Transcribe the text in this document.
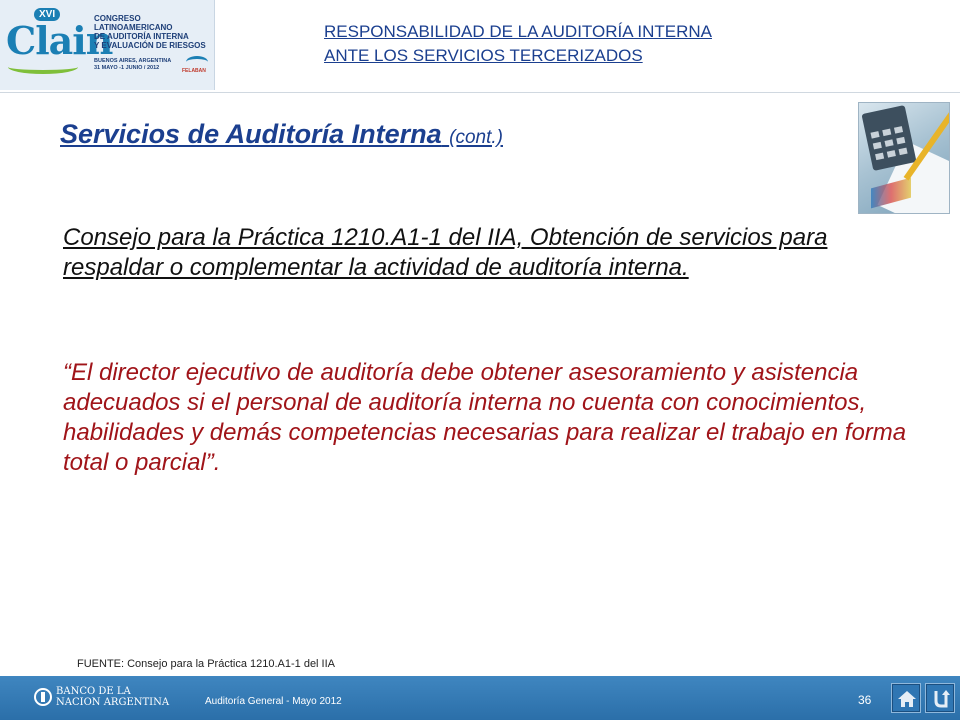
XVI
Clain
CONGRESO
LATINOAMERICANO
DE AUDITORÍA INTERNA
Y EVALUACIÓN DE RIESGOS
BUENOS AIRES, ARGENTINA
31 MAYO -1 JUNIO / 2012	FELABAN
RESPONSABILIDAD DE LA AUDITORÍA INTERNA
ANTE LOS SERVICIOS TERCERIZADOS
Servicios de Auditoría Interna (cont.)
Consejo para la Práctica 1210.A1-1 del IIA, Obtención de servicios para respaldar o complementar la actividad de auditoría interna.
“El director ejecutivo de auditoría debe obtener asesoramiento y asistencia adecuados si el personal de auditoría interna no cuenta con conocimientos, habilidades y demás competencias necesarias para realizar el trabajo en forma total o parcial”.
FUENTE: Consejo para la Práctica 1210.A1-1 del IIA
BANCO DE LA
NACION ARGENTINA	Auditoría General - Mayo 2012	36
